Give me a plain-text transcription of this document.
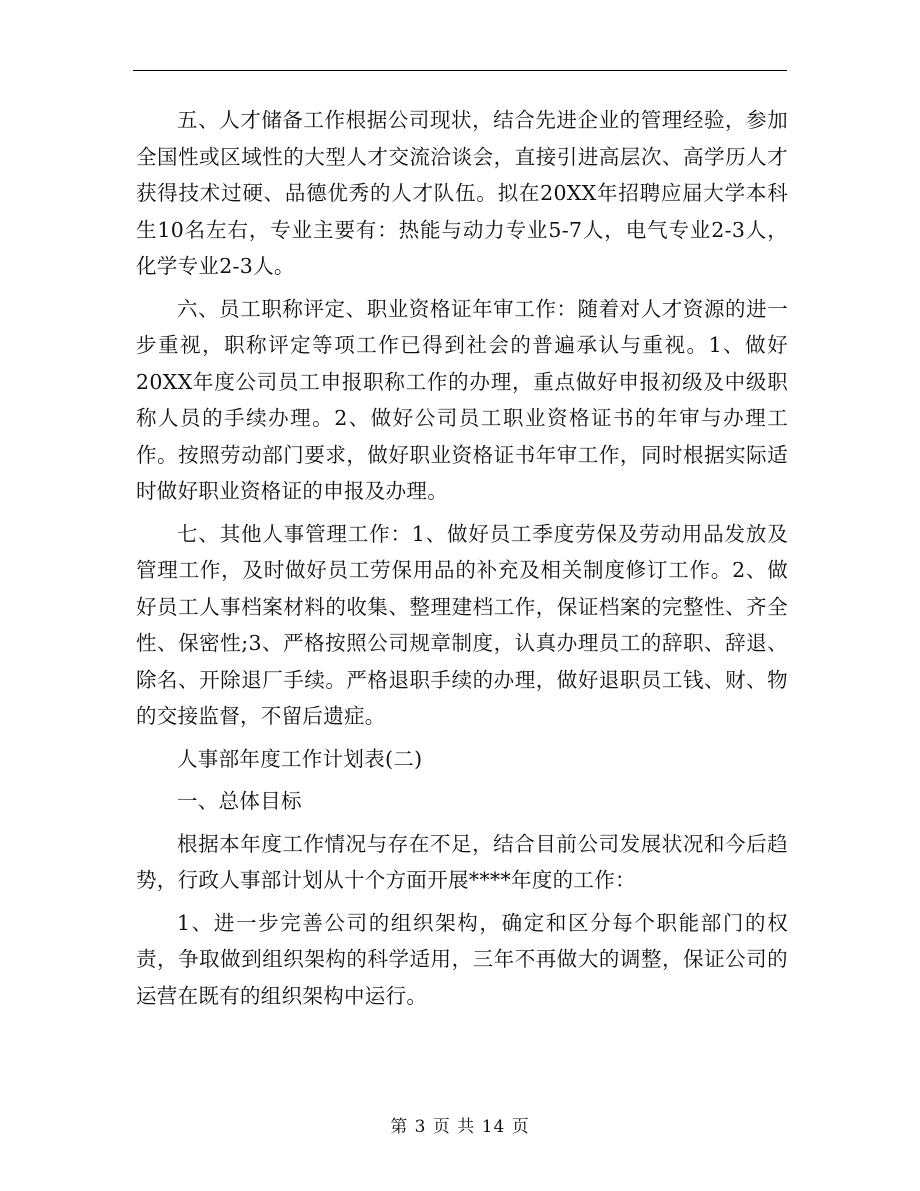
五、人才储备工作根据公司现状，结合先进企业的管理经验，参加全国性或区域性的大型人才交流洽谈会，直接引进高层次、高学历人才获得技术过硬、品德优秀的人才队伍。拟在20XX年招聘应届大学本科生10名左右，专业主要有：热能与动力专业5-7人，电气专业2-3人，化学专业2-3人。

六、员工职称评定、职业资格证年审工作：随着对人才资源的进一步重视，职称评定等项工作已得到社会的普遍承认与重视。1、做好20XX年度公司员工申报职称工作的办理，重点做好申报初级及中级职称人员的手续办理。2、做好公司员工职业资格证书的年审与办理工作。按照劳动部门要求，做好职业资格证书年审工作，同时根据实际适时做好职业资格证的申报及办理。

七、其他人事管理工作：1、做好员工季度劳保及劳动用品发放及管理工作，及时做好员工劳保用品的补充及相关制度修订工作。2、做好员工人事档案材料的收集、整理建档工作，保证档案的完整性、齐全性、保密性;3、严格按照公司规章制度，认真办理员工的辞职、辞退、除名、开除退厂手续。严格退职手续的办理，做好退职员工钱、财、物的交接监督，不留后遗症。

人事部年度工作计划表(二)

一、总体目标

根据本年度工作情况与存在不足，结合目前公司发展状况和今后趋势，行政人事部计划从十个方面开展****年度的工作：

1、进一步完善公司的组织架构，确定和区分每个职能部门的权责，争取做到组织架构的科学适用，三年不再做大的调整，保证公司的运营在既有的组织架构中运行。

第 3 页 共 14 页
